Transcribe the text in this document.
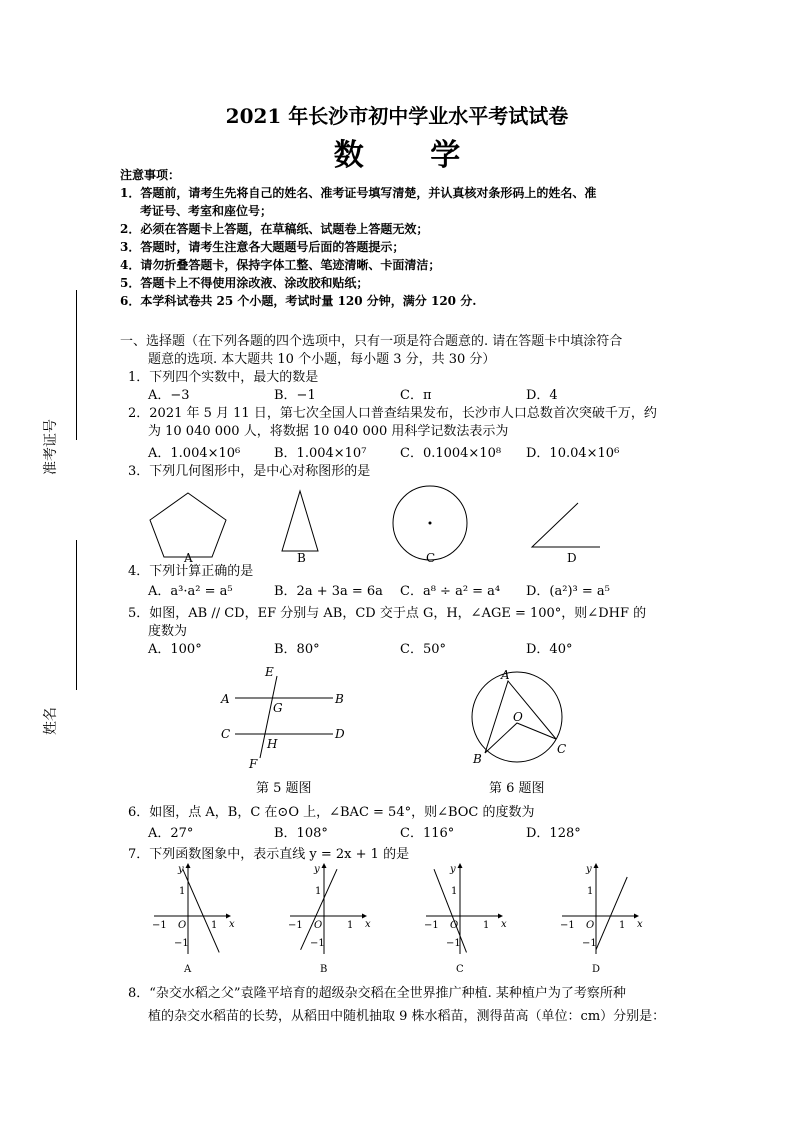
准考证号
姓名
2021 年长沙市初中学业水平考试试卷
数 学
注意事项：
1．答题前，请考生先将自己的姓名、准考证号填写清楚，并认真核对条形码上的姓名、准
考证号、考室和座位号；
2．必须在答题卡上答题，在草稿纸、试题卷上答题无效；
3．答题时，请考生注意各大题题号后面的答题提示；
4．请勿折叠答题卡，保持字体工整、笔迹清晰、卡面清洁；
5．答题卡上不得使用涂改液、涂改胶和贴纸；
6．本学科试卷共 25 个小题，考试时量 120 分钟，满分 120 分.
一、选择题（在下列各题的四个选项中，只有一项是符合题意的. 请在答题卡中填涂符合
题意的选项. 本大题共 10 个小题，每小题 3 分，共 30 分）
1．下列四个实数中，最大的数是
A．−3	B．−1	C．π	D．4
2．2021 年 5 月 11 日，第七次全国人口普查结果发布，长沙市人口总数首次突破千万，约
为 10 040 000 人，将数据 10 040 000 用科学记数法表示为
A．1.004×10⁶	B．1.004×10⁷	C．0.1004×10⁸ D．10.04×10⁶
3．下列几何图形中，是中心对称图形的是
A	B	C	D
4．下列计算正确的是
A．a³·a² = a⁵	B．2a + 3a = 6a C．a⁸ ÷ a² = a⁴ D．(a²)³ = a⁵
5．如图，AB // CD，EF 分别与 AB，CD 交于点 G，H，∠AGE = 100°，则∠DHF 的
度数为
A．100°	B．80°	C．50°	D．40°
E
A	B
G
C
H
D
F
第 5 题图
A
O
B
C
第 6 题图
6．如图，点 A，B，C 在⊙O 上，∠BAC = 54°，则∠BOC 的度数为
A．27°	B．108°	C．116°	D．128°
7．下列函数图象中，表示直线 y = 2x + 1 的是
x
y
O 1
−1
1
−1
A
x
y
O 1
−1
1
−1
B
x
y
O 1
−1
1
−1
C
x
y
O 1
−1
1
−1
D
8．“杂交水稻之父”袁隆平培育的超级杂交稻在全世界推广种植. 某种植户为了考察所种
植的杂交水稻苗的长势，从稻田中随机抽取 9 株水稻苗，测得苗高（单位：cm）分别是：
